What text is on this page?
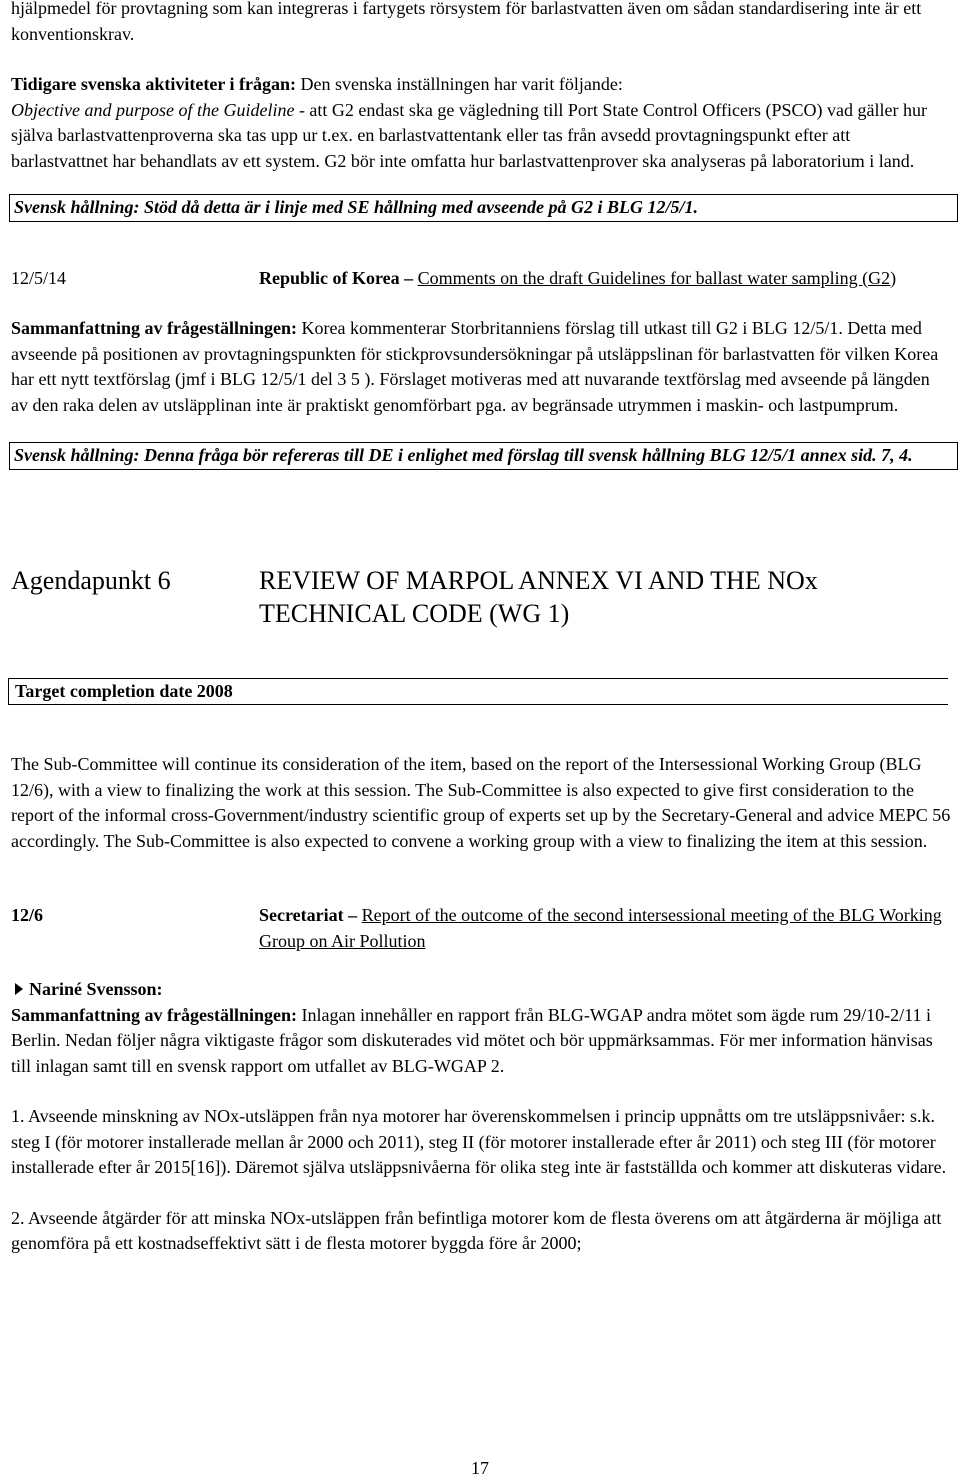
hjälpmedel för provtagning som kan integreras i fartygets rörsystem för barlastvatten även om sådan standardisering inte är ett konventionskrav.

Tidigare svenska aktiviteter i frågan: Den svenska inställningen har varit följande:
Objective and purpose of the Guideline - att G2 endast ska ge vägledning till Port State Control Officers (PSCO) vad gäller hur själva barlastvattenproverna ska tas upp ur t.ex. en barlastvattentank eller tas från avsedd provtagningspunkt efter att barlastvattnet har behandlats av ett system. G2 bör inte omfatta hur barlastvattenprover ska analyseras på laboratorium i land.

Svensk hållning: Stöd då detta är i linje med SE hållning med avseende på G2 i BLG 12/5/1.

12/5/14	Republic of Korea – Comments on the draft Guidelines for ballast water sampling (G2)

Sammanfattning av frågeställningen: Korea kommenterar Storbritanniens förslag till utkast till G2 i BLG 12/5/1. Detta med avseende på positionen av provtagningspunkten för stickprovsundersökningar på utsläppslinan för barlastvatten för vilken Korea har ett nytt textförslag (jmf i BLG 12/5/1 del 3 5 ). Förslaget motiveras med att nuvarande textförslag med avseende på längden av den raka delen av utsläpplinan inte är praktiskt genomförbart pga. av begränsade utrymmen i maskin- och lastpumprum.

Svensk hållning: Denna fråga bör refereras till DE i enlighet med förslag till svensk hållning BLG 12/5/1 annex sid. 7, 4.

Agendapunkt 6	REVIEW OF MARPOL ANNEX VI AND THE NOx TECHNICAL CODE (WG 1)
Target completion date 2008

The Sub-Committee will continue its consideration of the item, based on the report of the Intersessional Working Group (BLG 12/6), with a view to finalizing the work at this session. The Sub-Committee is also expected to give first consideration to the report of the informal cross-Government/industry scientific group of experts set up by the Secretary-General and advice MEPC 56 accordingly. The Sub-Committee is also expected to convene a working group with a view to finalizing the item at this session.

12/6	Secretariat – Report of the outcome of the second intersessional meeting of the BLG Working Group on Air Pollution

Nariné Svensson:

Sammanfattning av frågeställningen: Inlagan innehåller en rapport från BLG-WGAP andra mötet som ägde rum 29/10-2/11 i Berlin. Nedan följer några viktigaste frågor som diskuterades vid mötet och bör uppmärksammas. För mer information hänvisas till inlagan samt till en svensk rapport om utfallet av BLG-WGAP 2.

1. Avseende minskning av NOx-utsläppen från nya motorer har överenskommelsen i princip uppnåtts om tre utsläppsnivåer: s.k. steg I (för motorer installerade mellan år 2000 och 2011), steg II (för motorer installerade efter år 2011) och steg III (för motorer installerade efter år 2015[16]). Däremot själva utsläppsnivåerna för olika steg inte är fastställda och kommer att diskuteras vidare.

2. Avseende åtgärder för att minska NOx-utsläppen från befintliga motorer kom de flesta överens om att åtgärderna är möjliga att genomföra på ett kostnadseffektivt sätt i de flesta motorer byggda före år 2000;

17
